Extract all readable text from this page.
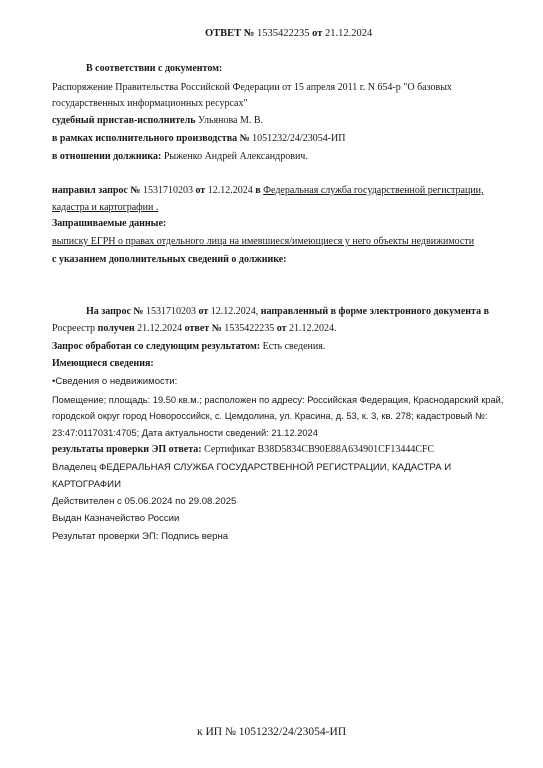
ОТВЕТ № 1535422235 от 21.12.2024
В соответствии с документом:
Распоряжение Правительства Российской Федерации от 15 апреля 2011 г. N 654-р "О базовых
государственных информационных ресурсах"
судебный пристав-исполнитель Ульянова М. В.
в рамках исполнительного производства № 1051232/24/23054-ИП
в отношении должника: Рыженко Андрей Александрович.
направил запрос № 1531710203 от 12.12.2024 в Федеральная служба государственной регистрации,
кадастра и картографии .
Запрашиваемые данные:
выписку ЕГРН о правах отдельного лица на имевшиеся/имеющиеся у него объекты недвижимости
с указанием дополнительных сведений о должнике:
На запрос № 1531710203 от 12.12.2024, направленный в форме электронного документа в
Росреестр получен 21.12.2024 ответ № 1535422235 от 21.12.2024.
Запрос обработан со следующим результатом: Есть сведения.
Имеющиеся сведения:
•Сведения о недвижимости:
Помещение; площадь: 19.50 кв.м.; расположен по адресу: Российская Федерация, Краснодарский край,
городской округ город Новороссийск, с. Цемдолина, ул. Красина, д. 53, к. 3, кв. 278; кадастровый №:
23:47:0117031:4705; Дата актуальности сведений: 21.12.2024
результаты проверки ЭП ответа: Сертификат B38D5834CB90E88A634901CF13444CFC
Владелец ФЕДЕРАЛЬНАЯ СЛУЖБА ГОСУДАРСТВЕННОЙ РЕГИСТРАЦИИ, КАДАСТРА И
КАРТОГРАФИИ
Действителен с 05.06.2024 по 29.08.2025
Выдан Казначейство России
Результат проверки ЭП: Подпись верна
к ИП № 1051232/24/23054-ИП
